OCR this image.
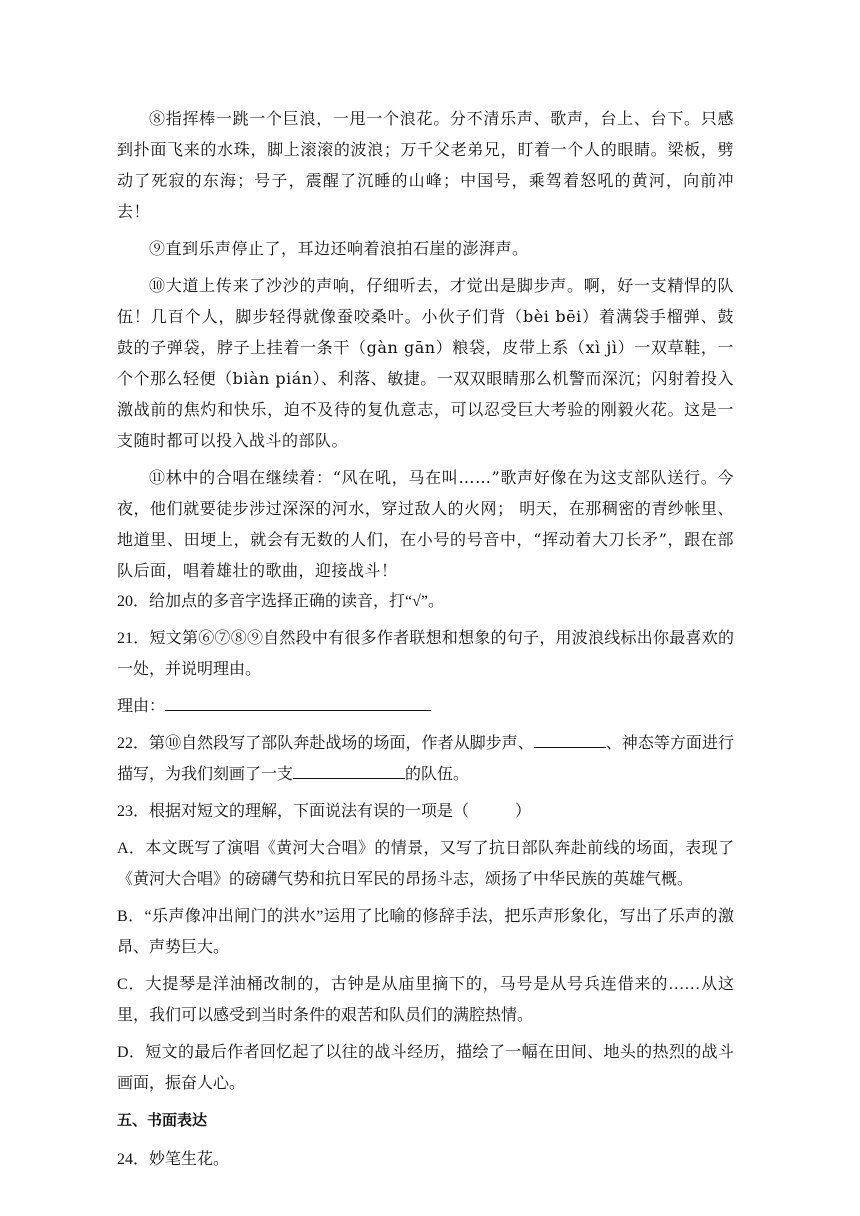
⑧指挥棒一跳一个巨浪，一甩一个浪花。分不清乐声、歌声，台上、台下。只感到扑面飞来的水珠，脚上滚滚的波浪；万千父老弟兄，盯着一个人的眼睛。梁板，劈动了死寂的东海；号子，震醒了沉睡的山峰；中国号，乘驾着怒吼的黄河，向前冲去！

⑨直到乐声停止了，耳边还响着浪拍石崖的澎湃声。

⑩大道上传来了沙沙的声响，仔细听去，才觉出是脚步声。啊，好一支精悍的队伍！几百个人，脚步轻得就像蚕咬桑叶。小伙子们背（bèi bēi）着满袋手榴弹、鼓鼓的子弹袋，脖子上挂着一条干（gàn gān）粮袋，皮带上系（xì jì）一双草鞋，一个个那么轻便（biàn pián）、利落、敏捷。一双双眼睛那么机警而深沉；闪射着投入激战前的焦灼和快乐，迫不及待的复仇意志，可以忍受巨大考验的刚毅火花。这是一支随时都可以投入战斗的部队。

⑪林中的合唱在继续着：“风在吼，马在叫……”歌声好像在为这支部队送行。今夜，他们就要徒步涉过深深的河水，穿过敌人的火网； 明天，在那稠密的青纱帐里、地道里、田埂上，就会有无数的人们，在小号的号音中，“挥动着大刀长矛”，跟在部队后面，唱着雄壮的歌曲，迎接战斗！

20．给加点的多音字选择正确的读音，打“√”。

21．短文第⑥⑦⑧⑨自然段中有很多作者联想和想象的句子，用波浪线标出你最喜欢的一处，并说明理由。

理由：

22．第⑩自然段写了部队奔赴战场的场面，作者从脚步声、	、神态等方面进行描写，为我们刻画了一支	的队伍。

23．根据对短文的理解，下面说法有误的一项是（	）

A．本文既写了演唱《黄河大合唱》的情景，又写了抗日部队奔赴前线的场面，表现了《黄河大合唱》的磅礴气势和抗日军民的昂扬斗志，颂扬了中华民族的英雄气概。

B．“乐声像冲出闸门的洪水”运用了比喻的修辞手法，把乐声形象化，写出了乐声的激昂、声势巨大。

C．大提琴是洋油桶改制的，古钟是从庙里摘下的，马号是从号兵连借来的……从这里，我们可以感受到当时条件的艰苦和队员们的满腔热情。

D．短文的最后作者回忆起了以往的战斗经历，描绘了一幅在田间、地头的热烈的战斗画面，振奋人心。

五、书面表达

24．妙笔生花。
